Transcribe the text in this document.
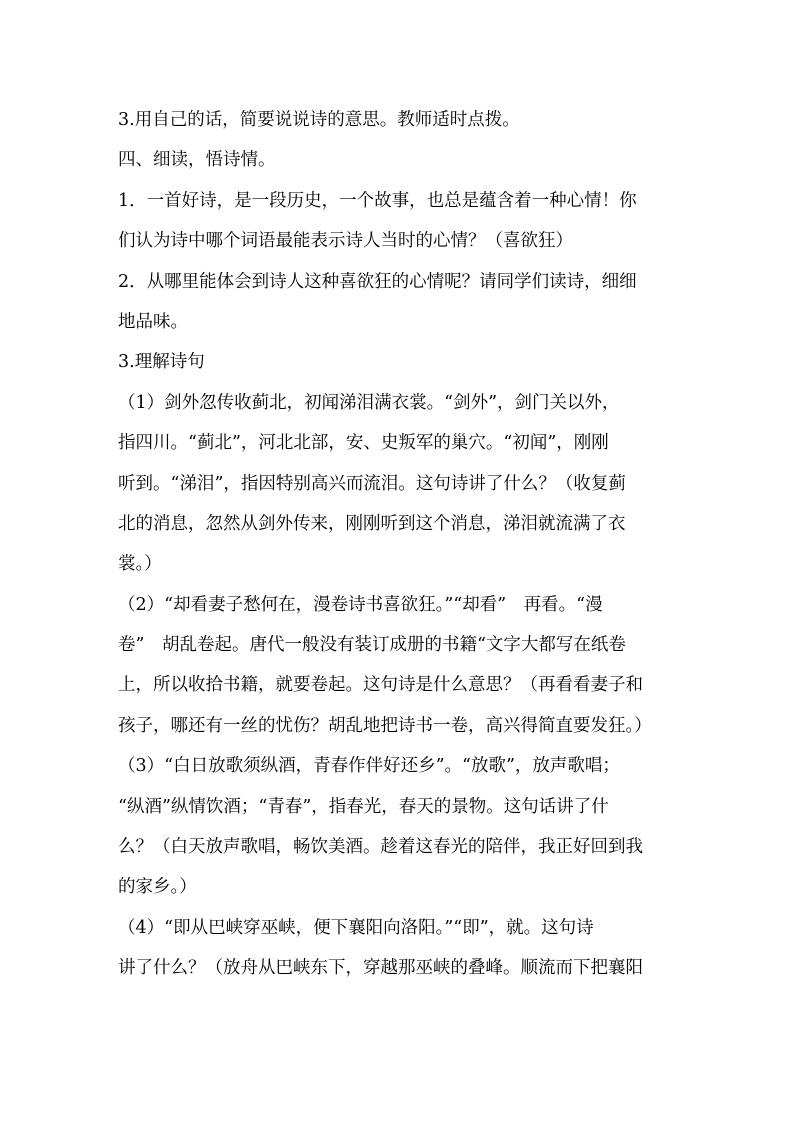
3.用自己的话，简要说说诗的意思。教师适时点拨。
四、细读，悟诗情。
1．一首好诗，是一段历史，一个故事，也总是蕴含着一种心情！你
们认为诗中哪个词语最能表示诗人当时的心情？（喜欲狂）
2．从哪里能体会到诗人这种喜欲狂的心情呢？请同学们读诗，细细
地品味。
3.理解诗句
（1）剑外忽传收蓟北，初闻涕泪满衣裳。“剑外”，剑门关以外，
指四川。“蓟北”，河北北部，安、史叛军的巢穴。“初闻”，刚刚
听到。“涕泪”，指因特别高兴而流泪。这句诗讲了什么？（收复蓟
北的消息，忽然从剑外传来，刚刚听到这个消息，涕泪就流满了衣
裳。）
（2）“却看妻子愁何在，漫卷诗书喜欲狂。”“却看”　再看。“漫
卷”　胡乱卷起。唐代一般没有装订成册的书籍“文字大都写在纸卷
上，所以收拾书籍，就要卷起。这句诗是什么意思？（再看看妻子和
孩子，哪还有一丝的忧伤？胡乱地把诗书一卷，高兴得简直要发狂。）
（3）“白日放歌须纵酒，青春作伴好还乡”。“放歌”，放声歌唱；
“纵酒”纵情饮酒；“青春”，指春光，春天的景物。这句话讲了什
么？（白天放声歌唱，畅饮美酒。趁着这春光的陪伴，我正好回到我
的家乡。）
（4）“即从巴峡穿巫峡，便下襄阳向洛阳。”“即”，就。这句诗
讲了什么？（放舟从巴峡东下，穿越那巫峡的叠峰。顺流而下把襄阳
